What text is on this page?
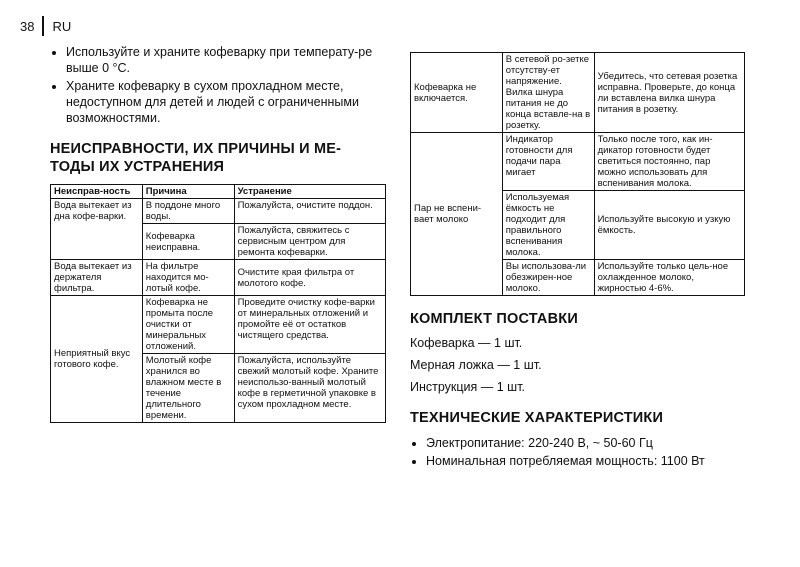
38 RU
• Используйте и храните кофеварку при температу-ре выше 0 °С.
• Храните кофеварку в сухом прохладном месте, недоступном для детей и людей с ограниченными возможностями.
НЕИСПРАВНОСТИ, ИХ ПРИЧИНЫ И МЕ-ТОДЫ ИХ УСТРАНЕНИЯ
Неисправ-ность	Причина	Устранение
Вода вытекает из дна кофе-варки.	В поддоне много воды.	Пожалуйста, очистите поддон.
	Кофеварка неисправна.	Пожалуйста, свяжитесь с сервисным центром для ремонта кофеварки.
Вода вытекает из держателя фильтра.	На фильтре находится мо-лотый кофе.	Очистите края фильтра от молотого кофе.
Неприятный вкус готового кофе.	Кофеварка не промыта после очистки от минеральных отложений.	Проведите очистку кофе-варки от минеральных отложений и промойте её от остатков чистящего средства.
	Молотый кофе хранился во влажном месте в течение длительного времени.	Пожалуйста, используйте свежий молотый кофе. Храните неиспользо-ванный молотый кофе в герметичной упаковке в сухом прохладном месте.
Кофеварка не включается.	В сетевой ро-зетке отсутству-ет напряжение. Вилка шнура питания не до конца вставле-на в розетку.	Убедитесь, что сетевая розетка исправна. Проверьте, до конца ли вставлена вилка шнура питания в розетку.
Пар не вспени-вает молоко	Индикатор готовности для подачи пара мигает	Только после того, как ин-дикатор готовности будет светиться постоянно, пар можно использовать для вспенивания молока.
	Используемая ёмкость не подходит для правильного вспенивания молока.	Используйте высокую и узкую ёмкость.
	Вы использова-ли обезжирен-ное молоко.	Используйте только цель-ное охлажденное молоко, жирностью 4-6%.
КОМПЛЕКТ ПОСТАВКИ
Кофеварка — 1 шт.
Мерная ложка — 1 шт.
Инструкция — 1 шт.
ТЕХНИЧЕСКИЕ ХАРАКТЕРИСТИКИ
• Электропитание: 220-240 В, ~ 50-60 Гц
• Номинальная потребляемая мощность: 1100 Вт
